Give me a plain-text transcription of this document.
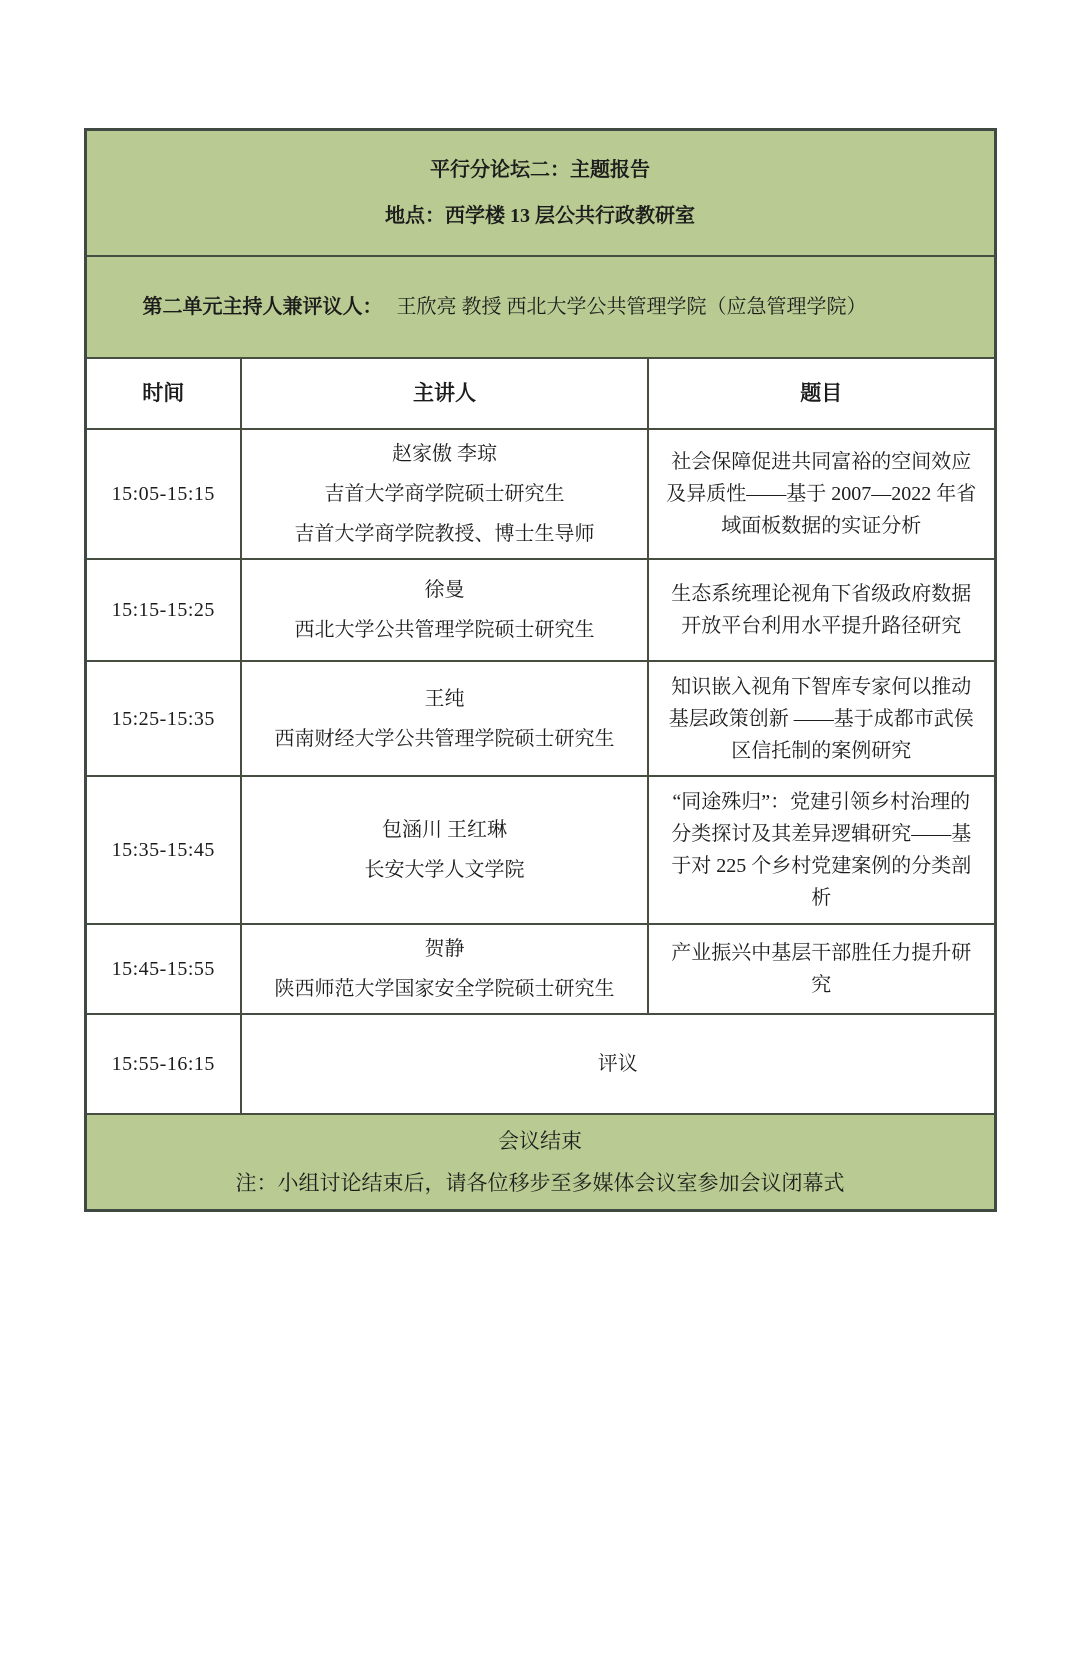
平行分论坛二：主题报告
地点：西学楼 13 层公共行政教研室		

第二单元主持人兼评议人： 王欣亮 教授 西北大学公共管理学院（应急管理学院）		
时间	主讲人	题目
15:05-15:15	赵家傲 李琼
吉首大学商学院硕士研究生
吉首大学商学院教授、博士生导师	社会保障促进共同富裕的空间效应及异质性——基于 2007—2022 年省域面板数据的实证分析
15:15-15:25	徐曼
西北大学公共管理学院硕士研究生	生态系统理论视角下省级政府数据开放平台利用水平提升路径研究
15:25-15:35	王纯
西南财经大学公共管理学院硕士研究生	知识嵌入视角下智库专家何以推动基层政策创新 ——基于成都市武侯区信托制的案例研究
15:35-15:45	包涵川 王红琳
长安大学人文学院	“同途殊归”：党建引领乡村治理的分类探讨及其差异逻辑研究——基于对 225 个乡村党建案例的分类剖析
15:45-15:55	贺静
陕西师范大学国家安全学院硕士研究生	产业振兴中基层干部胜任力提升研究
15:55-16:15	评议	

会议结束
注：小组讨论结束后，请各位移步至多媒体会议室参加会议闭幕式		
